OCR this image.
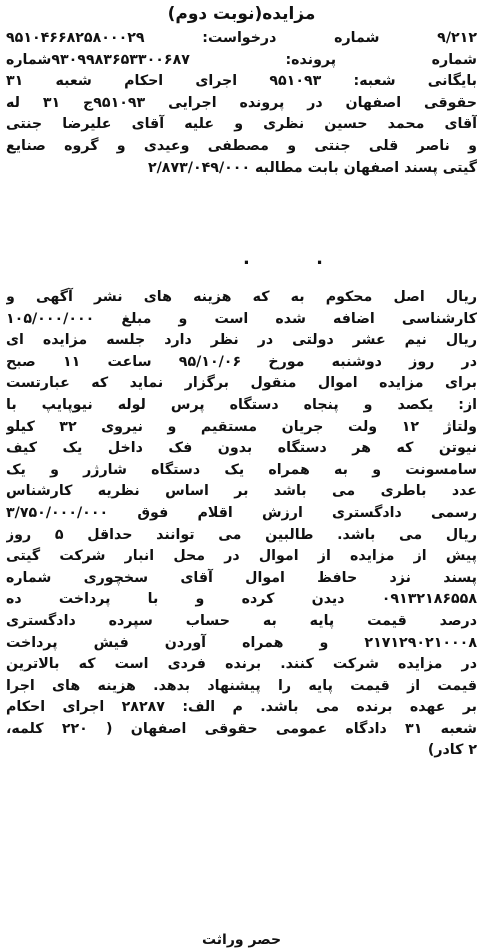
مزایده(نوبت دوم)
۹/۲۱۲ شماره درخواست: ۹۵۱۰۴۶۶۸۲۵۸۰۰۰۲۹
شماره پرونده: ۹۳۰۹۹۸۳۶۵۳۳۰۰۶۸۷شماره
بایگانی شعبه: ۹۵۱۰۹۳ اجرای احکام شعبه ۳۱
حقوقی اصفهان در پرونده اجرایی ۹۵۱۰۹۳ج ۳۱ له
آقای محمد حسین نظری و علیه آقای علیرضا جنتی
و ناصر قلی جنتی و مصطفی وعیدی و گروه صنایع
گیتی پسند اصفهان بابت مطالبه ۲/۸۷۳/۰۴۹/۰۰۰
. .
ریال اصل محکوم به که هزینه های نشر آگهی و
کارشناسی اضافه شده است و مبلغ ۱۰۵/۰۰۰/۰۰۰
ریال نیم عشر دولتی در نظر دارد جلسه مزایده ای
در روز دوشنبه مورخ ۹۵/۱۰/۰۶ ساعت ۱۱ صبح
برای مزایده اموال منقول برگزار نماید که عبارتست
از: یکصد و پنجاه دستگاه پرس لوله نیوپایپ با
ولتاژ ۱۲ ولت جریان مستقیم و نیروی ۳۲ کیلو
نیوتن که هر دستگاه بدون فک داخل یک کیف
سامسونت و به همراه یک دستگاه شارژر و یک
عدد باطری می باشد بر اساس نظریه کارشناس
رسمی دادگستری ارزش اقلام فوق ۳/۷۵۰/۰۰۰/۰۰۰
ریال می باشد. طالبین می توانند حداقل ۵ روز
پیش از مزایده از اموال در محل انبار شرکت گیتی
پسند نزد حافظ اموال آقای سخچوری شماره
۰۹۱۳۲۱۸۶۵۵۸ دیدن کرده و با پرداخت ده
درصد قیمت پایه به حساب سپرده دادگستری
۲۱۷۱۲۹۰۲۱۰۰۰۸ و همراه آوردن فیش پرداخت
در مزایده شرکت کنند. برنده فردی است که بالاترین
قیمت از قیمت پایه را پیشنهاد بدهد. هزینه های اجرا
بر عهده برنده می باشد. م الف: ۲۸۲۸۷ اجرای احکام
شعبه ۳۱ دادگاه عمومی حقوقی اصفهان ( ۲۲۰ کلمه،
۲ کادر)
حصر وراثت
